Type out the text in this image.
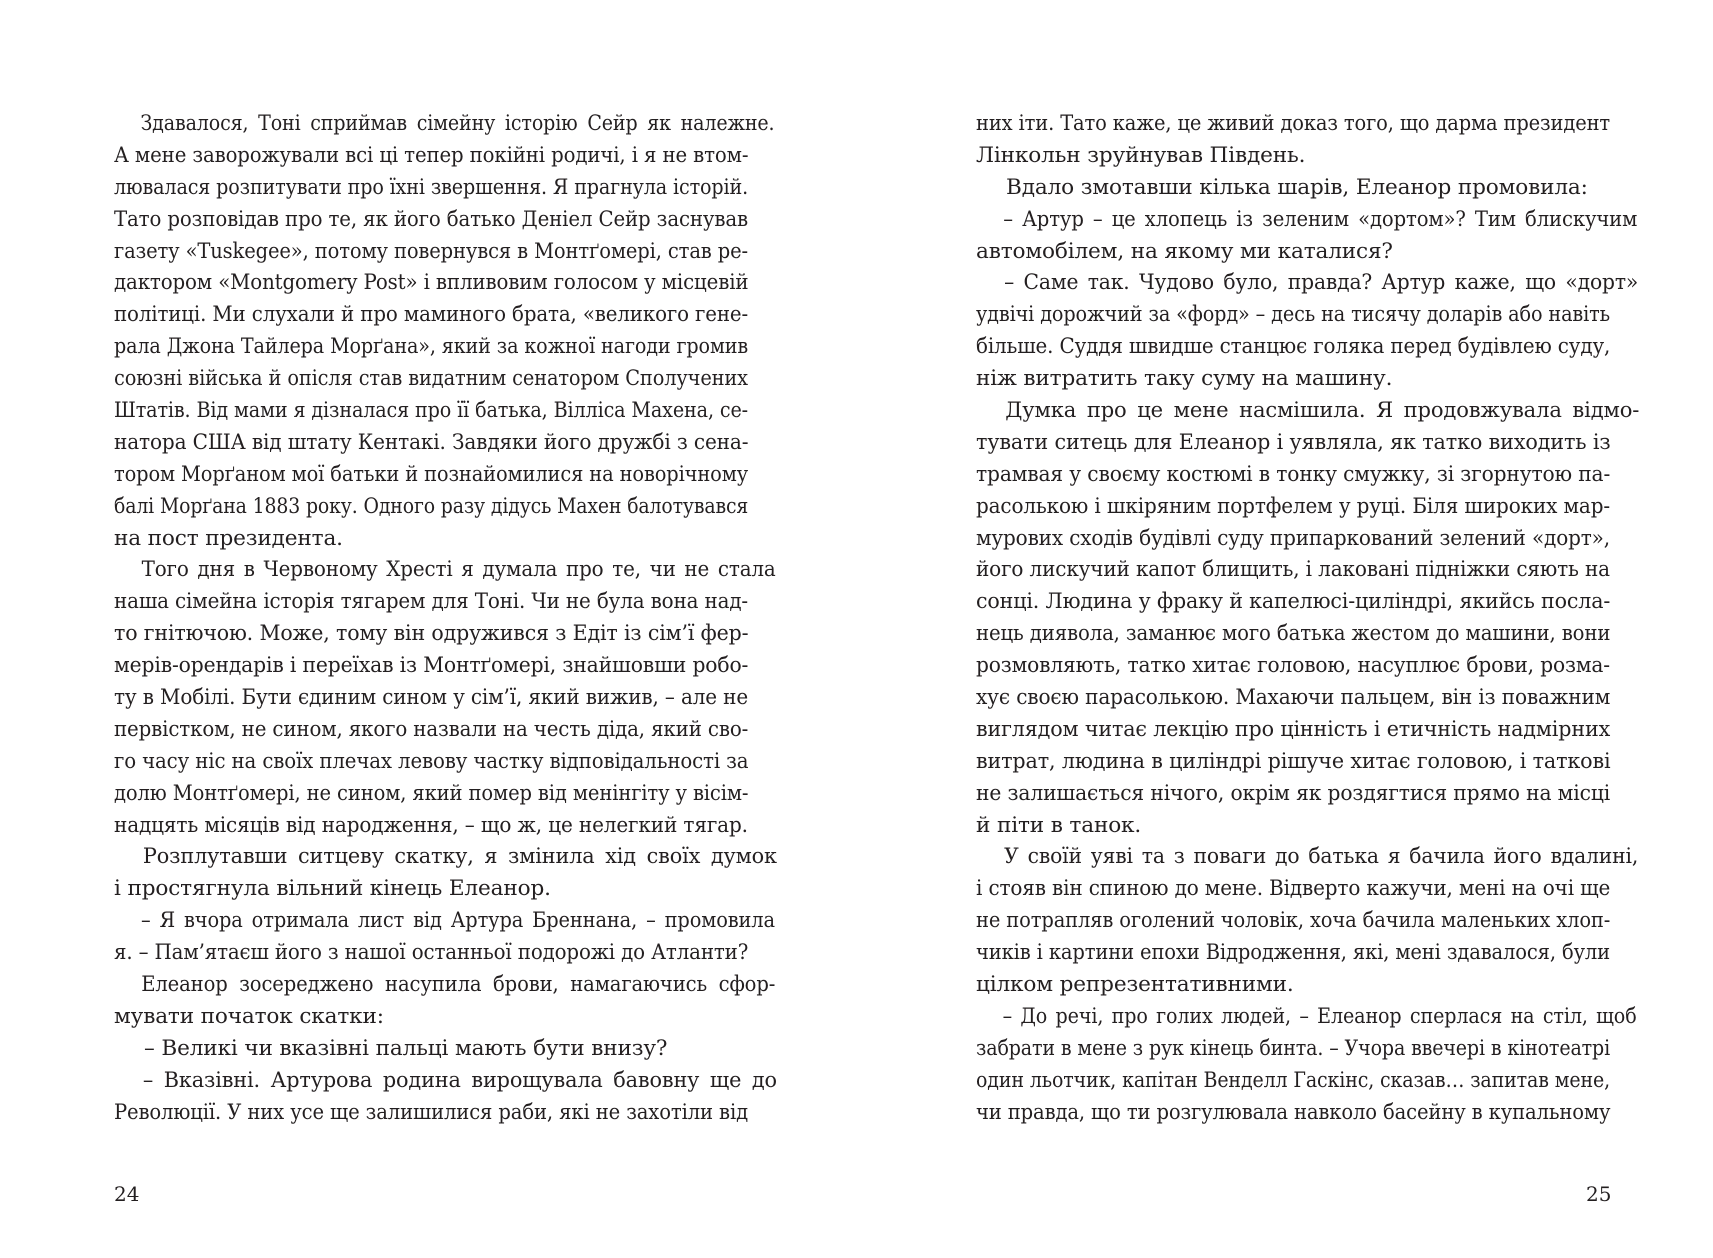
Здавалося, Тоні сприймав сімейну історію Сейр як належне.
А мене заворожували всі ці тепер покійні родичі, і я не втом-
лювалася розпитувати про їхні звершення. Я прагнула історій.
Тато розповідав про те, як його батько Деніел Сейр заснував
газету «Tuskegee», потому повернувся в Монтґомері, став ре-
дактором «Montgomery Post» і впливовим голосом у місцевій
політиці. Ми слухали й про маминого брата, «великого гене-
рала Джона Тайлера Морґана», який за кожної нагоди громив
союзні війська й опісля став видатним сенатором Сполучених
Штатів. Від мами я дізналася про її батька, Вілліса Махена, се-
натора США від штату Кентакі. Завдяки його дружбі з сена-
тором Морґаном мої батьки й познайомилися на новорічному
балі Морґана 1883 року. Одного разу дідусь Махен балотувався
на пост президента.
Того дня в Червоному Хресті я думала про те, чи не стала
наша сімейна історія тягарем для Тоні. Чи не була вона над-
то гнітючою. Може, тому він одружився з Едіт із сім’ї фер-
мерів-орендарів і переїхав із Монтґомері, знайшовши робо-
ту в Мобілі. Бути єдиним сином у сім’ї, який вижив, – але не
первістком, не сином, якого назвали на честь діда, який сво-
го часу ніс на своїх плечах левову частку відповідальності за
долю Монтґомері, не сином, який помер від менінгіту у вісім-
надцять місяців від народження, – що ж, це нелегкий тягар.
Розплутавши ситцеву скатку, я змінила хід своїх думок
і простягнула вільний кінець Елеанор.
– Я вчора отримала лист від Артура Бреннана, – промовила
я. – Пам’ятаєш його з нашої останньої подорожі до Атланти?
Елеанор зосереджено насупила брови, намагаючись сфор-
мувати початок скатки:
– Великі чи вказівні пальці мають бути внизу?
– Вказівні. Артурова родина вирощувала бавовну ще до
Революції. У них усе ще залишилися раби, які не захотіли від
24
них іти. Тато каже, це живий доказ того, що дарма президент
Лінкольн зруйнував Південь.
Вдало змотавши кілька шарів, Елеанор промовила:
– Артур – це хлопець із зеленим «дортом»? Тим блискучим
автомобілем, на якому ми каталися?
– Саме так. Чудово було, правда? Артур каже, що «дорт»
удвічі дорожчий за «форд» – десь на тисячу доларів або навіть
більше. Суддя швидше станцює голяка перед будівлею суду,
ніж витратить таку суму на машину.
Думка про це мене насмішила. Я продовжувала відмо-
тувати ситець для Елеанор і уявляла, як татко виходить із
трамвая у своєму костюмі в тонку смужку, зі згорнутою па-
расолькою і шкіряним портфелем у руці. Біля широких мар-
мурових сходів будівлі суду припаркований зелений «дорт»,
його лискучий капот блищить, і лаковані підніжки сяють на
сонці. Людина у фраку й капелюсі-циліндрі, якийсь посла-
нець диявола, заманює мого батька жестом до машини, вони
розмовляють, татко хитає головою, насуплює брови, розма-
хує своєю парасолькою. Махаючи пальцем, він із поважним
виглядом читає лекцію про цінність і етичність надмірних
витрат, людина в циліндрі рішуче хитає головою, і таткові
не залишається нічого, окрім як роздягтися прямо на місці
й піти в танок.
У своїй уяві та з поваги до батька я бачила його вдалині,
і стояв він спиною до мене. Відверто кажучи, мені на очі ще
не потрапляв оголений чоловік, хоча бачила маленьких хлоп-
чиків і картини епохи Відродження, які, мені здавалося, були
цілком репрезентативними.
– До речі, про голих людей, – Елеанор сперлася на стіл, щоб
забрати в мене з рук кінець бинта. – Учора ввечері в кінотеатрі
один льотчик, капітан Венделл Гаскінс, сказав… запитав мене,
чи правда, що ти розгулювала навколо басейну в купальному
25
